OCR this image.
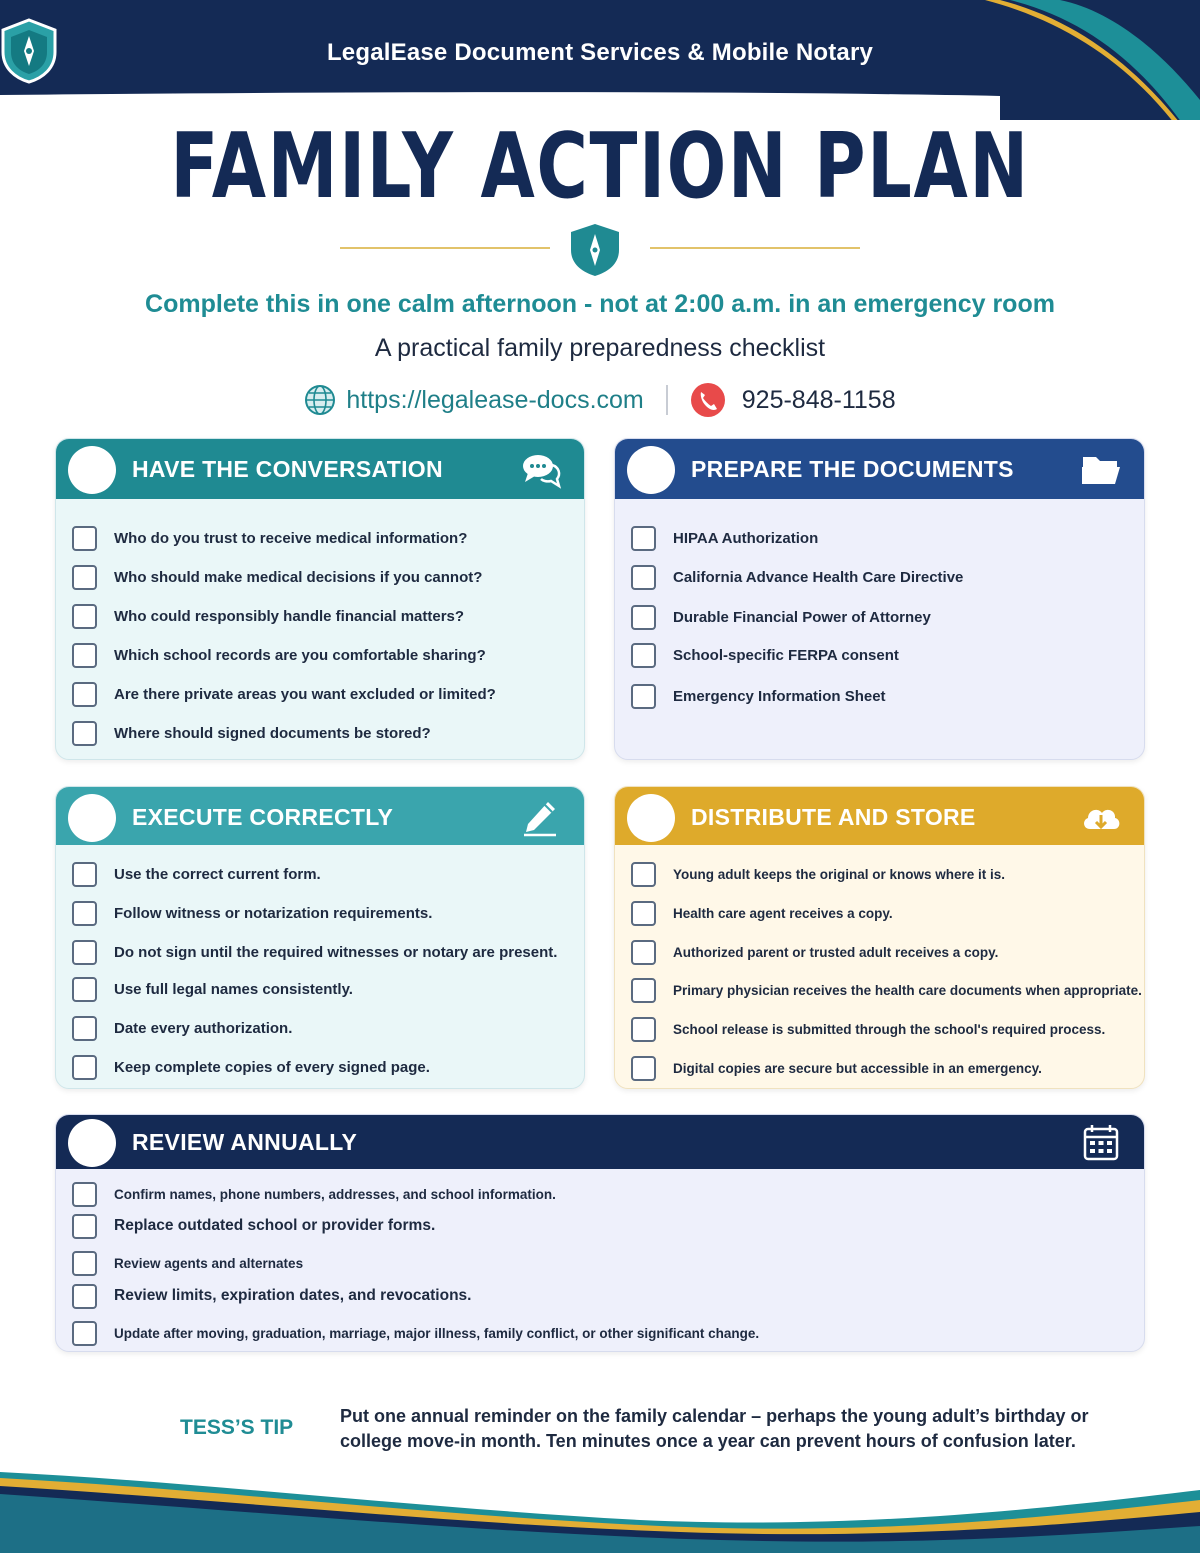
LegalEase Document Services & Mobile Notary
FAMILY ACTION PLAN
Complete this in one calm afternoon - not at 2:00 a.m. in an emergency room
A practical family preparedness checklist
https://legalease-docs.com	925-848-1158
HAVE THE CONVERSATION
Who do you trust to receive medical information?
Who should make medical decisions if you cannot?
Who could responsibly handle financial matters?
Which school records are you comfortable sharing?
Are there private areas you want excluded or limited?
Where should signed documents be stored?
PREPARE THE DOCUMENTS
HIPAA Authorization
California Advance Health Care Directive
Durable Financial Power of Attorney
School-specific FERPA consent
Emergency Information Sheet
EXECUTE CORRECTLY
Use the correct current form.
Follow witness or notarization requirements.
Do not sign until the required witnesses or notary are present.
Use full legal names consistently.
Date every authorization.
Keep complete copies of every signed page.
DISTRIBUTE AND STORE
Young adult keeps the original or knows where it is.
Health care agent receives a copy.
Authorized parent or trusted adult receives a copy.
Primary physician receives the health care documents when appropriate.
School release is submitted through the school's required process.
Digital copies are secure but accessible in an emergency.
REVIEW ANNUALLY
Confirm names, phone numbers, addresses, and school information.
Replace outdated school or provider forms.
Review agents and alternates
Review limits, expiration dates, and revocations.
Update after moving, graduation, marriage, major illness, family conflict, or other significant change.
TESS’S TIP	Put one annual reminder on the family calendar – perhaps the young adult’s birthday or college move-in month. Ten minutes once a year can prevent hours of confusion later.
